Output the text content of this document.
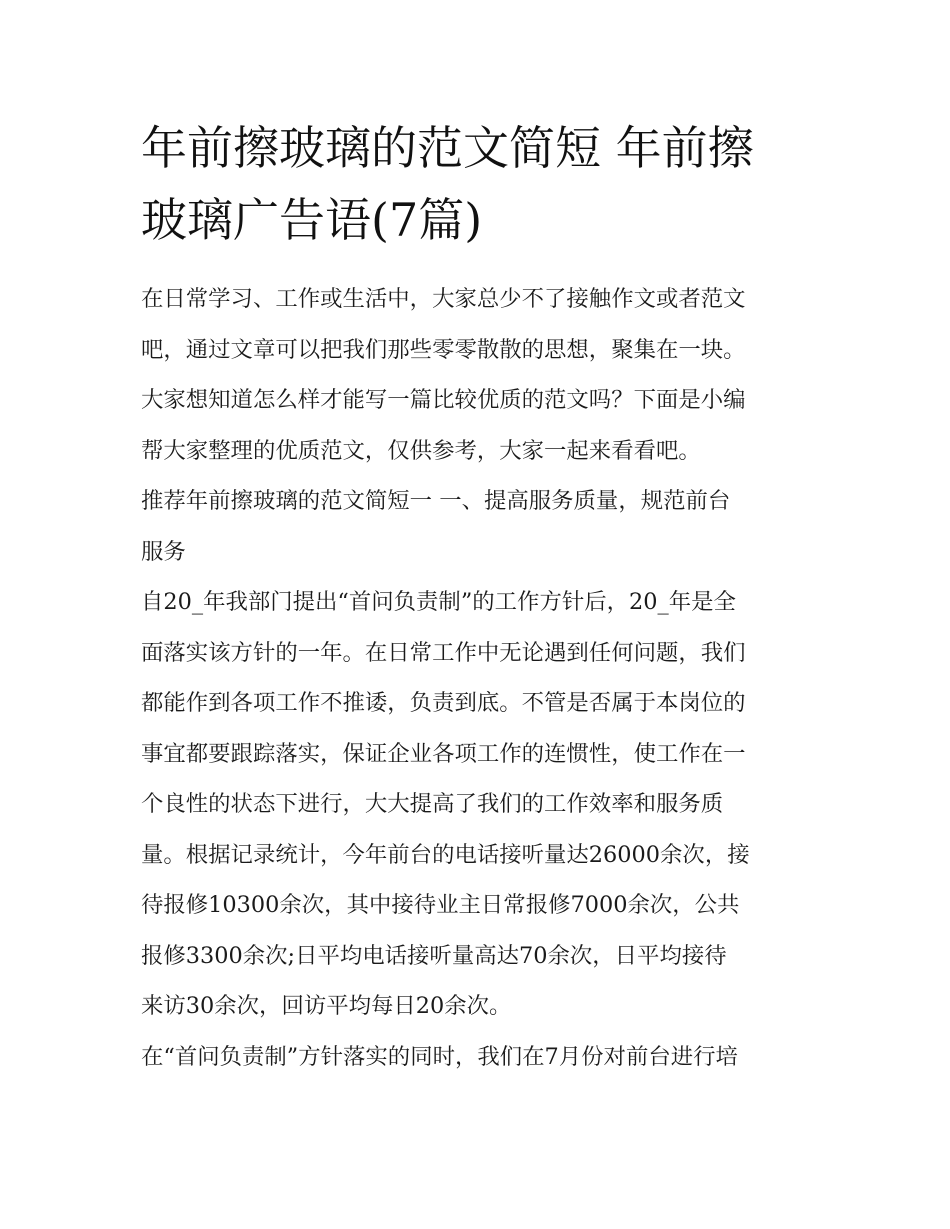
年前擦玻璃的范文简短 年前擦
玻璃广告语(7篇)

在日常学习、工作或生活中，大家总少不了接触作文或者范文
吧，通过文章可以把我们那些零零散散的思想，聚集在一块。
大家想知道怎么样才能写一篇比较优质的范文吗？下面是小编
帮大家整理的优质范文，仅供参考，大家一起来看看吧。

推荐年前擦玻璃的范文简短一 一、提高服务质量，规范前台
服务

自20_年我部门提出“首问负责制”的工作方针后，20_年是全
面落实该方针的一年。在日常工作中无论遇到任何问题，我们
都能作到各项工作不推诿，负责到底。不管是否属于本岗位的
事宜都要跟踪落实，保证企业各项工作的连惯性，使工作在一
个良性的状态下进行，大大提高了我们的工作效率和服务质
量。根据记录统计，今年前台的电话接听量达26000余次，接
待报修10300余次，其中接待业主日常报修7000余次，公共
报修3300余次;日平均电话接听量高达70余次，日平均接待
来访30余次，回访平均每日20余次。

在“首问负责制”方针落实的同时，我们在7月份对前台进行培
